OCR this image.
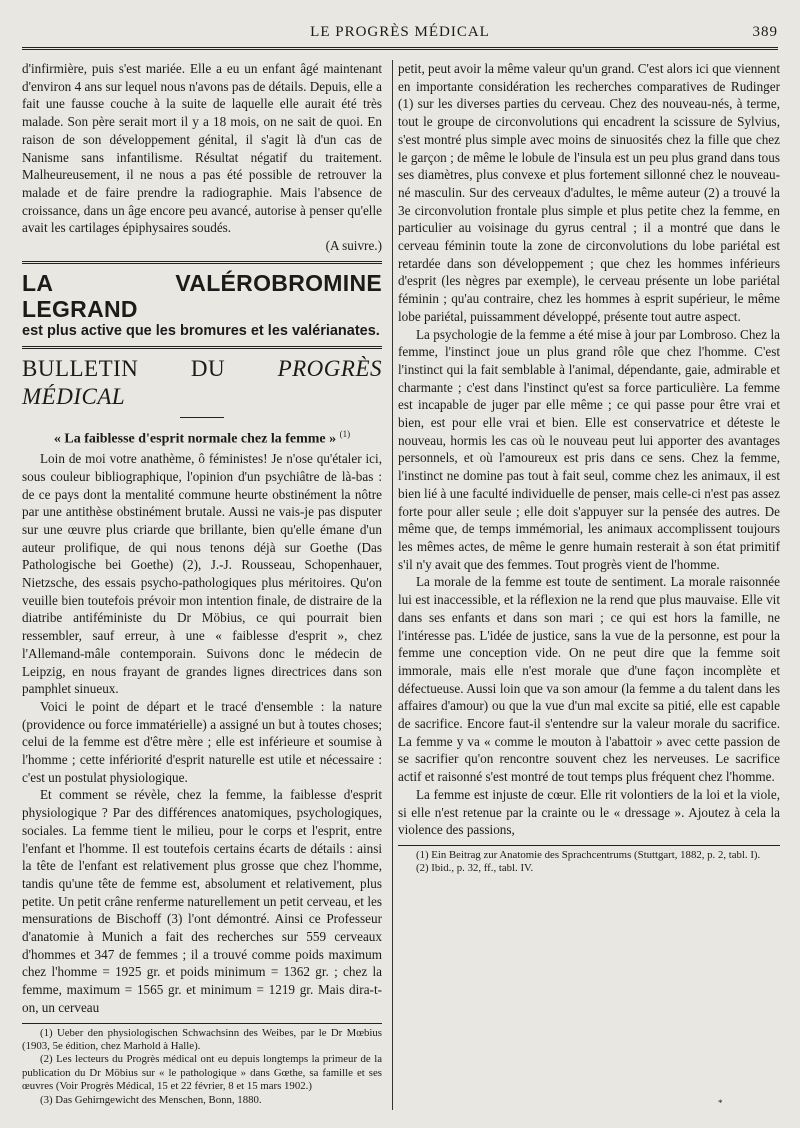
LE PROGRÈS MÉDICAL	389

d'infirmière, puis s'est mariée. Elle a eu un enfant âgé maintenant d'environ 4 ans sur lequel nous n'avons pas de détails. Depuis, elle a fait une fausse couche à la suite de laquelle elle aurait été très malade. Son père serait mort il y a 18 mois, on ne sait de quoi. En raison de son développement génital, il s'agit là d'un cas de Nanisme sans infantilisme. Résultat négatif du traitement. Malheureusement, il ne nous a pas été possible de retrouver la malade et de faire prendre la radiographie. Mais l'absence de croissance, dans un âge encore peu avancé, autorise à penser qu'elle avait les cartilages épiphysaires soudés.

(A suivre.)

LA VALÉROBROMINE LEGRAND
est plus active que les bromures et les valérianates.
BULLETIN DU PROGRÈS MÉDICAL
« La faiblesse d'esprit normale chez la femme » $^{(1)}$

Loin de moi votre anathème, ô féministes! Je n'ose qu'étaler ici, sous couleur bibliographique, l'opinion d'un psychiâtre de là-bas : de ce pays dont la mentalité commune heurte obstinément la nôtre par une antithèse obstinément brutale. Aussi ne vais-je pas disputer sur une œuvre plus criarde que brillante, bien qu'elle émane d'un auteur prolifique, de qui nous tenons déjà sur Goethe (Das Pathologische bei Goethe) (2), J.-J. Rousseau, Schopenhauer, Nietzsche, des essais psycho-pathologiques plus méritoires. Qu'on veuille bien toutefois prévoir mon intention finale, de distraire de la diatribe antiféministe du Dr Möbius, ce qui pourrait bien ressembler, sauf erreur, à une « faiblesse d'esprit », chez l'Allemand-mâle contemporain. Suivons donc le médecin de Leipzig, en nous frayant de grandes lignes directrices dans son pamphlet sinueux.

Voici le point de départ et le tracé d'ensemble : la nature (providence ou force immatérielle) a assigné un but à toutes choses; celui de la femme est d'être mère ; elle est inférieure et soumise à l'homme ; cette infériorité d'esprit naturelle est utile et nécessaire : c'est un postulat physiologique.

Et comment se révèle, chez la femme, la faiblesse d'esprit physiologique ? Par des différences anatomiques, psychologiques, sociales. La femme tient le milieu, pour le corps et l'esprit, entre l'enfant et l'homme. Il est toutefois certains écarts de détails : ainsi la tête de l'enfant est relativement plus grosse que chez l'homme, tandis qu'une tête de femme est, absolument et relativement, plus petite. Un petit crâne renferme naturellement un petit cerveau, et les mensurations de Bischoff (3) l'ont démontré. Ainsi ce Professeur d'anatomie à Munich a fait des recherches sur 559 cerveaux d'hommes et 347 de femmes ; il a trouvé comme poids maximum chez l'homme = 1925 gr. et poids minimum = 1362 gr. ; chez la femme, maximum = 1565 gr. et minimum = 1219 gr. Mais dira-t-on, un cerveau

(1) Ueber den physiologischen Schwachsinn des Weibes, par le Dr Mœbius (1903, 5e édition, chez Marhold à Halle).

(2) Les lecteurs du Progrès médical ont eu depuis longtemps la primeur de la publication du Dr Möbius sur « le pathologique » dans Gœthe, sa famille et ses œuvres (Voir Progrès Médical, 15 et 22 février, 8 et 15 mars 1902.)

(3) Das Gehirngewicht des Menschen, Bonn, 1880.

petit, peut avoir la même valeur qu'un grand. C'est alors ici que viennent en importante considération les recherches comparatives de Rudinger (1) sur les diverses parties du cerveau. Chez des nouveau-nés, à terme, tout le groupe de circonvolutions qui encadrent la scissure de Sylvius, s'est montré plus simple avec moins de sinuosités chez la fille que chez le garçon ; de même le lobule de l'insula est un peu plus grand dans tous ses diamètres, plus convexe et plus fortement sillonné chez le nouveau-né masculin. Sur des cerveaux d'adultes, le même auteur (2) a trouvé la 3e circonvolution frontale plus simple et plus petite chez la femme, en particulier au voisinage du gyrus central ; il a montré que dans le cerveau féminin toute la zone de circonvolutions du lobe pariétal est retardée dans son développement ; que chez les hommes inférieurs d'esprit (les nègres par exemple), le cerveau présente un lobe pariétal féminin ; qu'au contraire, chez les hommes à esprit supérieur, le même lobe pariétal, puissamment développé, présente tout autre aspect.

La psychologie de la femme a été mise à jour par Lombroso. Chez la femme, l'instinct joue un plus grand rôle que chez l'homme. C'est l'instinct qui la fait semblable à l'animal, dépendante, gaie, admirable et charmante ; c'est dans l'instinct qu'est sa force particulière. La femme est incapable de juger par elle même ; ce qui passe pour être vrai et bien, est pour elle vrai et bien. Elle est conservatrice et déteste le nouveau, hormis les cas où le nouveau peut lui apporter des avantages personnels, et où l'amoureux est pris dans ce sens. Chez la femme, l'instinct ne domine pas tout à fait seul, comme chez les animaux, il est bien lié à une faculté individuelle de penser, mais celle-ci n'est pas assez forte pour aller seule ; elle doit s'appuyer sur la pensée des autres. De même que, de temps immémorial, les animaux accomplissent toujours les mêmes actes, de même le genre humain resterait à son état primitif s'il n'y avait que des femmes. Tout progrès vient de l'homme.

La morale de la femme est toute de sentiment. La morale raisonnée lui est inaccessible, et la réflexion ne la rend que plus mauvaise. Elle vit dans ses enfants et dans son mari ; ce qui est hors la famille, ne l'intéresse pas. L'idée de justice, sans la vue de la personne, est pour la femme une conception vide. On ne peut dire que la femme soit immorale, mais elle n'est morale que d'une façon incomplète et défectueuse. Aussi loin que va son amour (la femme a du talent dans les affaires d'amour) ou que la vue d'un mal excite sa pitié, elle est capable de sacrifice. Encore faut-il s'entendre sur la valeur morale du sacrifice. La femme y va « comme le mouton à l'abattoir » avec cette passion de se sacrifier qu'on rencontre souvent chez les nerveuses. Le sacrifice actif et raisonné s'est montré de tout temps plus fréquent chez l'homme.

La femme est injuste de cœur. Elle rit volontiers de la loi et la viole, si elle n'est retenue par la crainte ou le « dressage ». Ajoutez à cela la violence des passions,

(1) Ein Beitrag zur Anatomie des Sprachcentrums (Stuttgart, 1882, p. 2, tabl. I).

(2) Ibid., p. 32, ff., tabl. IV.

*
